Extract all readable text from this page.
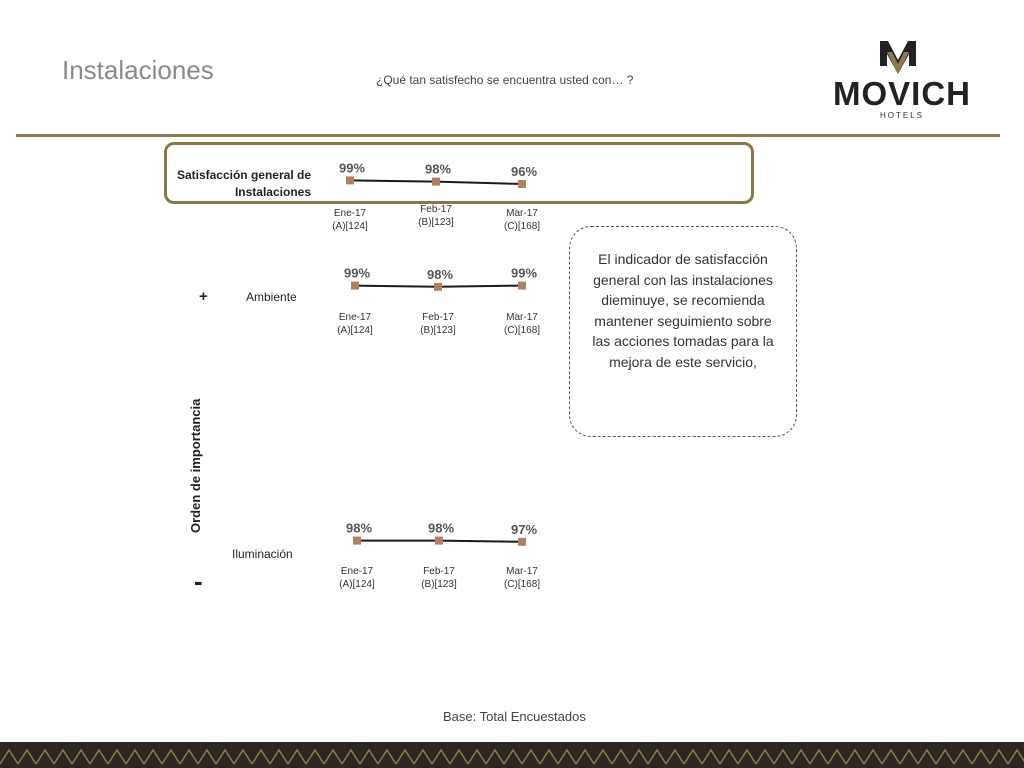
Instalaciones	¿Qué tan satisfecho se encuentra usted con… ?	MOVICH
HOTELS
Satisfacción general de Instalaciones
+
Orden de importancia
-
Ambiente
Iluminación
99%	98%	96%
Ene-17
(A)[124]
Feb-17
(B)[123]
Mar-17
(C)[168]
99%	98%	99%
Ene-17
(A)[124]
Feb-17
(B)[123]
Mar-17
(C)[168]
98%	98%	97%
Ene-17
(A)[124]
Feb-17
(B)[123]
Mar-17
(C)[168]
El indicador de satisfacción general con las instalaciones dieminuye, se recomienda mantener seguimiento sobre las acciones tomadas para la mejora de este servicio,
Base: Total Encuestados
